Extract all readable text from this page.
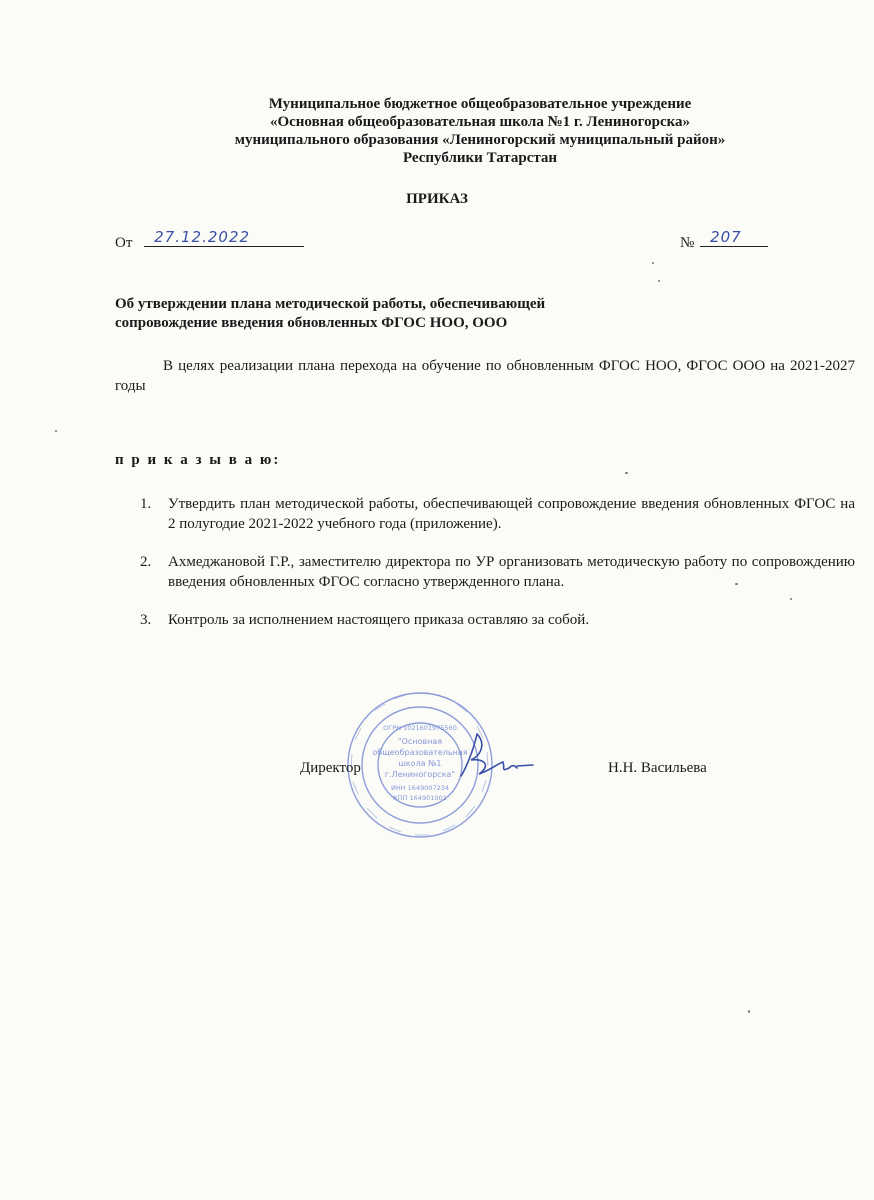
Муниципальное бюджетное общеобразовательное учреждение
«Основная общеобразовательная школа №1 г. Лениногорска»
муниципального образования «Лениногорский муниципальный район»
Республики Татарстан
ПРИКАЗ
От 27.12.2022	№ 207
Об утверждении плана методической работы, обеспечивающей
сопровождение введения обновленных ФГОС НОО, ООО

В целях реализации плана перехода на обучение по обновленным ФГОС НОО, ФГОС ООО на 2021-2027 годы

п р и к а з ы в а ю:
1. Утвердить план методической работы, обеспечивающей сопровождение введения обновленных ФГОС на 2 полугодие 2021-2022 учебного года (приложение).
2. Ахмеджановой Г.Р., заместителю директора по УР организовать методическую работу по сопровождению введения обновленных ФГОС согласно утвержденного плана.
3. Контроль за исполнением настоящего приказа оставляю за собой.
"Основная
общеобразовательная
школа №1
г.Лениногорска"
ОГРН 1021601975560
ИНН 1649007234
КПП 164901001
Директор	Н.Н. Васильева
